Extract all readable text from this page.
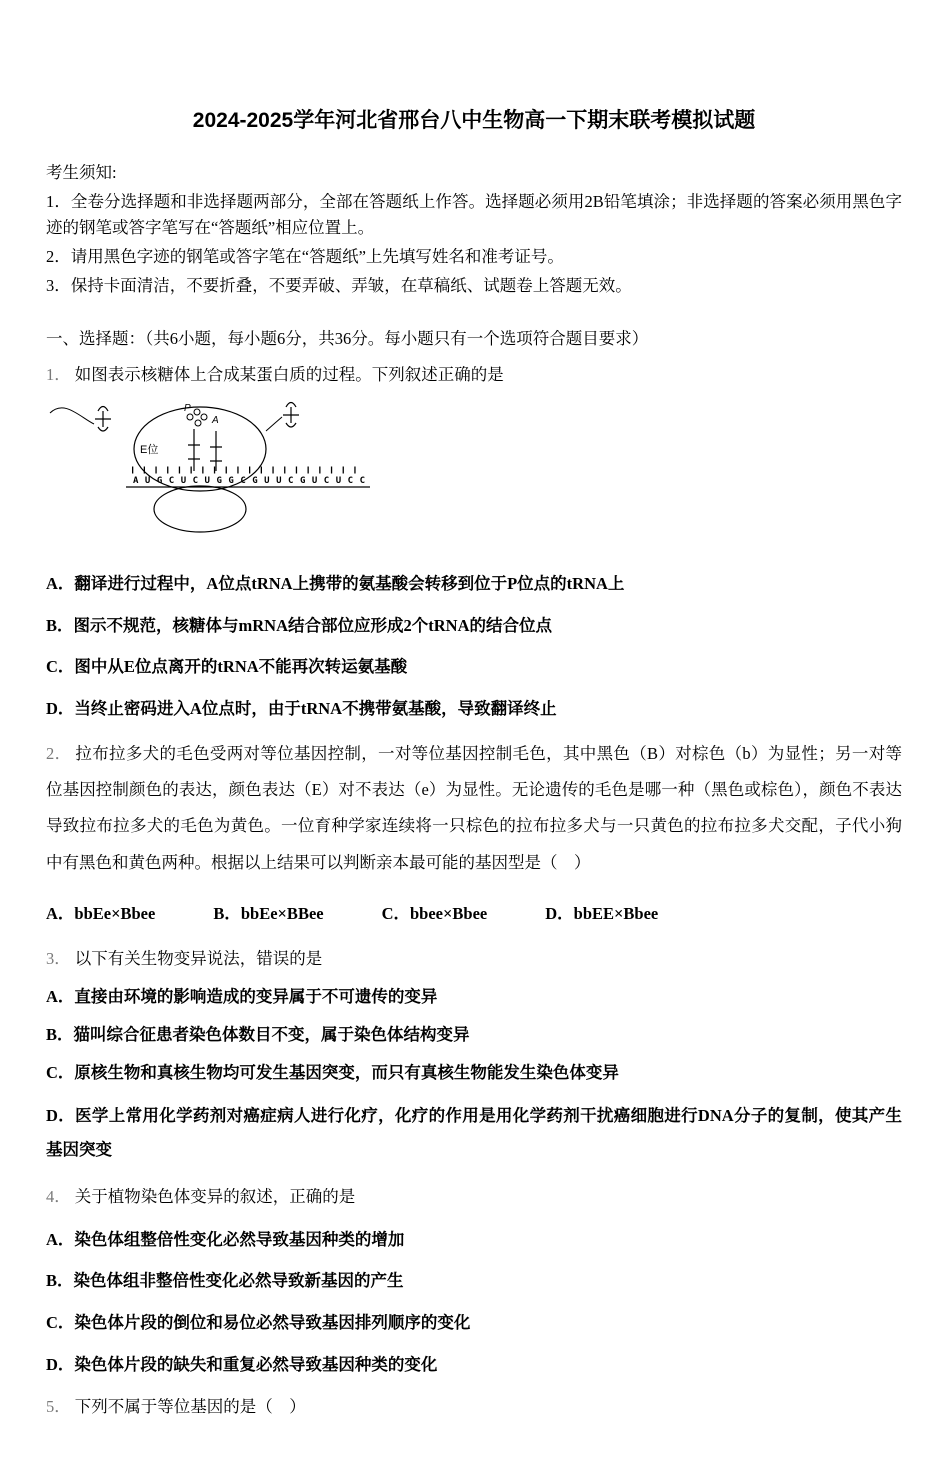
2024-2025学年河北省邢台八中生物高一下期末联考模拟试题

考生须知:

1．全卷分选择题和非选择题两部分，全部在答题纸上作答。选择题必须用2B铅笔填涂；非选择题的答案必须用黑色字迹的钢笔或答字笔写在“答题纸”相应位置上。

2．请用黑色字迹的钢笔或答字笔在“答题纸”上先填写姓名和准考证号。

3．保持卡面清洁，不要折叠，不要弄破、弄皱，在草稿纸、试题卷上答题无效。

一、选择题：（共6小题，每小题6分，共36分。每小题只有一个选项符合题目要求）

1． 如图表示核糖体上合成某蛋白质的过程。下列叙述正确的是

E位
P
A
AUGCUCUGGCGUUCGUCUCC

A．翻译进行过程中，A位点tRNA上携带的氨基酸会转移到位于P位点的tRNA上

B．图示不规范，核糖体与mRNA结合部位应形成2个tRNA的结合位点

C．图中从E位点离开的tRNA不能再次转运氨基酸

D．当终止密码进入A位点时，由于tRNA不携带氨基酸，导致翻译终止

2． 拉布拉多犬的毛色受两对等位基因控制，一对等位基因控制毛色，其中黑色（B）对棕色（b）为显性；另一对等位基因控制颜色的表达，颜色表达（E）对不表达（e）为显性。无论遗传的毛色是哪一种（黑色或棕色），颜色不表达导致拉布拉多犬的毛色为黄色。一位育种学家连续将一只棕色的拉布拉多犬与一只黄色的拉布拉多犬交配，子代小狗中有黑色和黄色两种。根据以上结果可以判断亲本最可能的基因型是（　）

A．bbEe×Bbee	B．bbEe×BBee	C．bbee×Bbee	D．bbEE×Bbee

3． 以下有关生物变异说法，错误的是

A．直接由环境的影响造成的变异属于不可遗传的变异

B．猫叫综合征患者染色体数目不变，属于染色体结构变异

C．原核生物和真核生物均可发生基因突变，而只有真核生物能发生染色体变异

D．医学上常用化学药剂对癌症病人进行化疗，化疗的作用是用化学药剂干扰癌细胞进行DNA分子的复制，使其产生基因突变

4． 关于植物染色体变异的叙述，正确的是

A．染色体组整倍性变化必然导致基因种类的增加

B．染色体组非整倍性变化必然导致新基因的产生

C．染色体片段的倒位和易位必然导致基因排列顺序的变化

D．染色体片段的缺失和重复必然导致基因种类的变化

5． 下列不属于等位基因的是（　）
